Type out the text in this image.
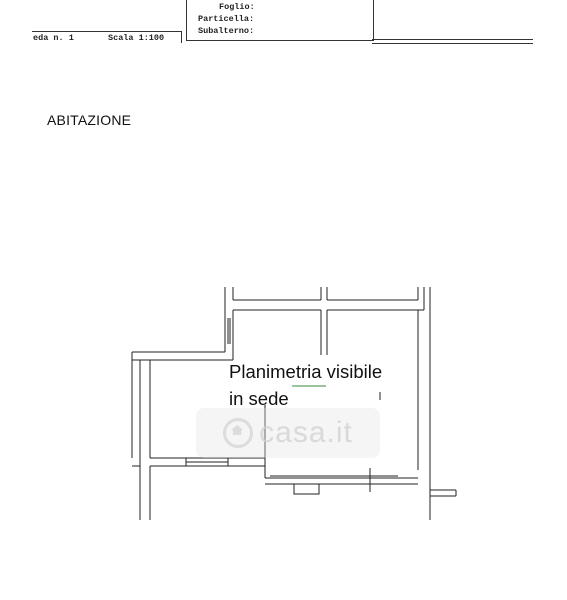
Foglio:
Particella:
Subalterno:
eda n. 1	Scala 1:100
ABITAZIONE
casa.it
Planimetria visibile
in sede
